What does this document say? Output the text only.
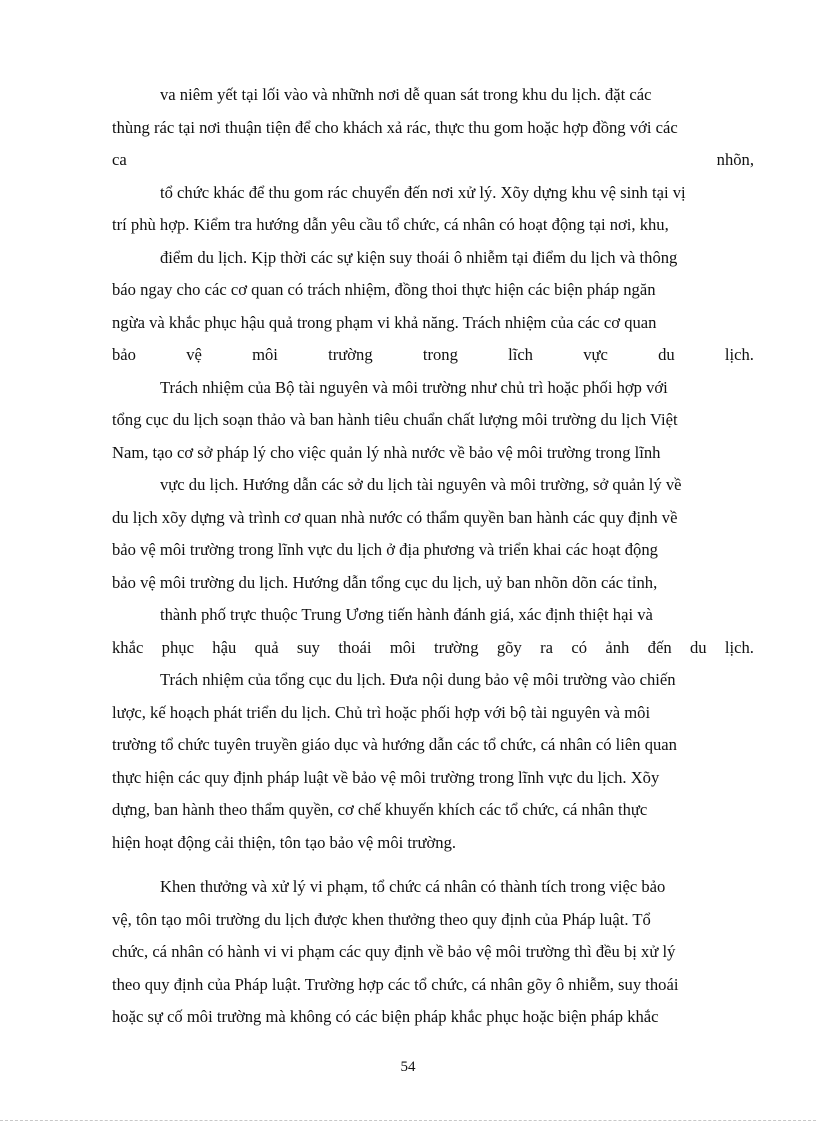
va niêm yết tại lối vào và nhữnh nơi dễ quan sát trong khu du lịch. đặt các
thùng rác tại nơi thuận tiện để cho khách xả rác, thực thu gom hoặc hợp đồng với các
ca	nhõn,
tổ chức khác để thu gom rác chuyển đến nơi xử lý. Xõy dựng khu vệ sinh tại vị
trí phù hợp. Kiểm tra hướng dẫn yêu cầu tổ chức, cá nhân có hoạt động tại nơi, khu,
điểm du lịch. Kịp thời các sự kiện suy thoái ô nhiễm tại điểm du lịch và thông
báo ngay cho các cơ quan có trách nhiệm, đồng thoi thực hiện các biện pháp ngăn
ngừa và khắc phục hậu quả trong phạm vi khả năng. Trách nhiệm của các cơ quan
bảo	vệ	môi	trường	trong	lĩch	vực	du	lịch.
Trách nhiệm của Bộ tài nguyên và môi trường như chủ trì hoặc phối hợp với
tổng cục du lịch soạn thảo và ban hành tiêu chuẩn chất lượng môi trường du lịch Việt
Nam, tạo cơ sở pháp lý cho việc quản lý nhà nước về bảo vệ môi trường trong lĩnh
vực du lịch. Hướng dẫn các sở du lịch tài nguyên và môi trường, sở quản lý về
du lịch xõy dựng và trình cơ quan nhà nước có thẩm quyền ban hành các quy định về
bảo vệ môi trường trong lĩnh vực du lịch ở địa phương và triển khai các hoạt động
bảo vệ môi trường du lịch. Hướng dẫn tổng cục du lịch, uỷ ban nhõn dõn các tỉnh,
thành phố trực thuộc Trung Ương tiến hành đánh giá, xác định thiệt hại và
khắc phục hậu quả suy thoái môi trường gõy ra có ảnh đến du lịch.
Trách nhiệm của tổng cục du lịch. Đưa nội dung bảo vệ môi trường vào chiến
lược, kế hoạch phát triển du lịch. Chủ trì hoặc phối hợp với bộ tài nguyên và môi
trường tổ chức tuyên truyền giáo dục và hướng dẫn các tổ chức, cá nhân có liên quan
thực hiện các quy định pháp luật về bảo vệ môi trường trong lĩnh vực du lịch. Xõy
dựng, ban hành theo thẩm quyền, cơ chế khuyến khích các tổ chức, cá nhân thực
hiện hoạt động cải thiện, tôn tạo bảo vệ môi trường.
Khen thưởng và xử lý vi phạm, tổ chức cá nhân có thành tích trong việc bảo
vệ, tôn tạo môi trường du lịch được khen thưởng theo quy định của Pháp luật. Tổ
chức, cá nhân có hành vi vi phạm các quy định về bảo vệ môi trường thì đều bị xử lý
theo quy định của Pháp luật. Trường hợp các tổ chức, cá nhân gõy ô nhiễm, suy thoái
hoặc sự cố môi trường mà không có các biện pháp khắc phục hoặc biện pháp khắc
54
